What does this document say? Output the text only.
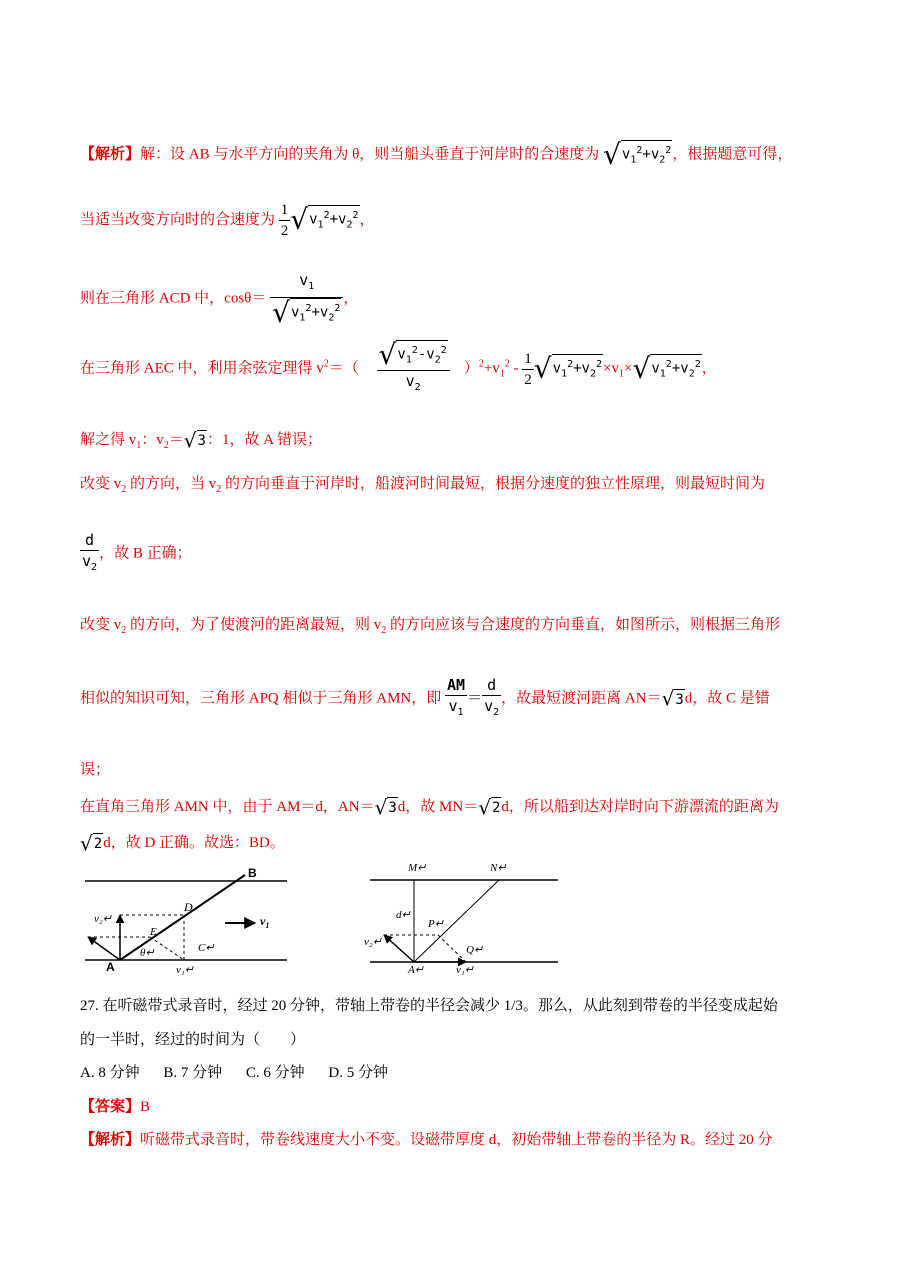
【解析】解：设 AB 与水平方向的夹角为 θ，则当船头垂直于河岸时的合速度为 $√v_1^2+v_2^2$，根据题意可得，
当适当改变方向时的合速度为 $\frac{1}{2} √v_1^2+v_2^2$，
则在三角形 ACD 中，$\cos\theta= \frac{v_1}{√v_1^2+v_2^2}$ ，
在三角形 AEC 中，利用余弦定理得 $v^2=( \frac{√v_1^2-v_2^2}{v_2} )^2+v_1^2 - \frac{1}{2} √v_1^2+v_2^2\times v_1\times√v_1^2+v_2^2$，
解之得 $v_1$：$v_2=√3$：1，故 A 错误；
改变 $v_2$ 的方向，当 $v_2$ 的方向垂直于河岸时，船渡河时间最短，根据分速度的独立性原理，则最短时间为
$\frac{d}{v_2}$ ，故 B 正确；
改变 $v_2$ 的方向，为了使渡河的距离最短，则 $v_2$ 的方向应该与合速度的方向垂直，如图所示，则根据三角形
相似的知识可知，三角形 APQ 相似于三角形 AMN，即 $\frac{AM}{v_1} = \frac{d}{v_2}$ ，故最短渡河距离 AN＝√3d，故 C 是错
误；
在直角三角形 AMN 中，由于 AM＝d，AN＝√3d，故 MN＝√2d，所以船到达对岸时向下游漂流的距离为
√2d，故 D 正确。故选：BD。
B
D
$v_1$
v₂↵
E
C↵
θ↵
A	v₁↵
M↵	N↵
d↵
P↵
v₂↵
Q↵
A↵	v₁↵
27. 在听磁带式录音时，经过 20 分钟，带轴上带卷的半径会减少 1/3。那么，从此刻到带卷的半径变成起始
的一半时，经过的时间为（　　）
A. 8 分钟 B. 7 分钟 C. 6 分钟 D. 5 分钟
【答案】B
【解析】听磁带式录音时，带卷线速度大小不变。设磁带厚度 d，初始带轴上带卷的半径为 R。经过 20 分
